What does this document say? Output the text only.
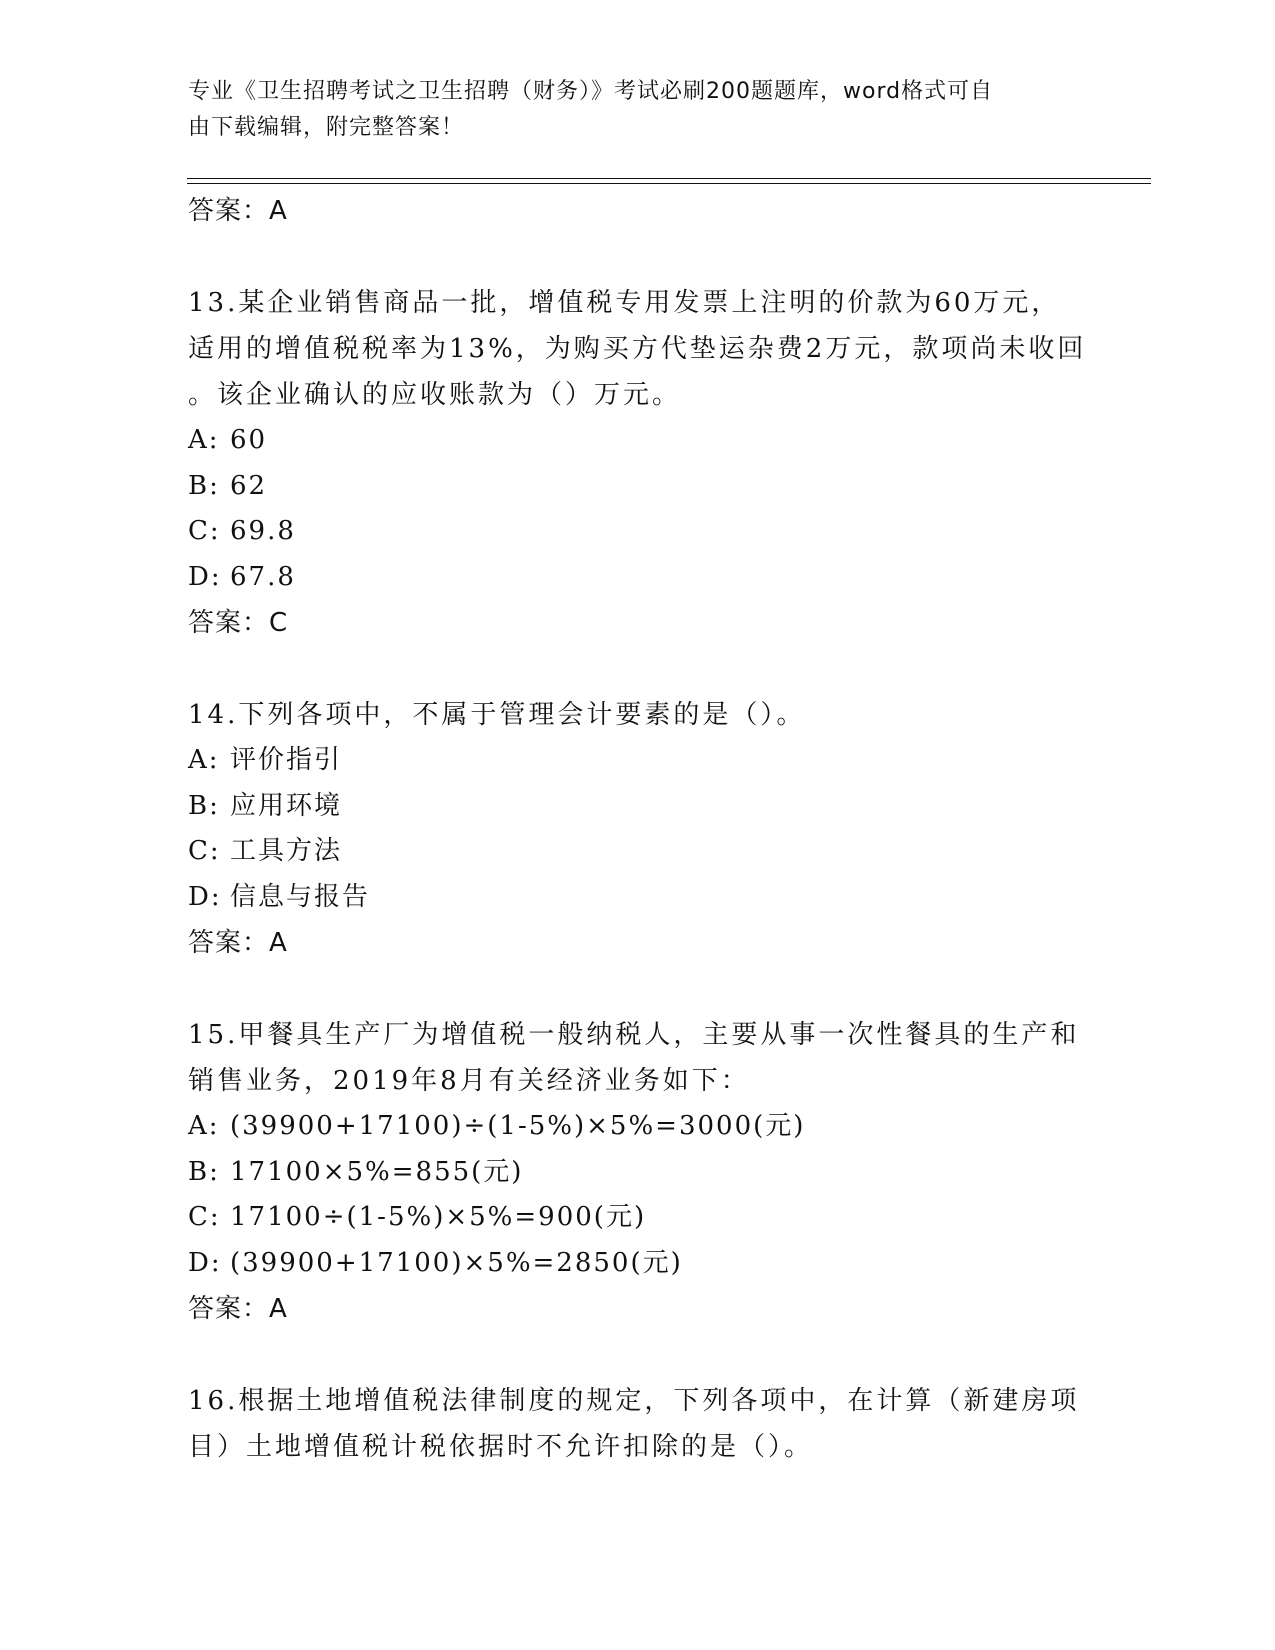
专业《卫生招聘考试之卫生招聘（财务）》考试必刷200题题库，word格式可自
由下载编辑，附完整答案！
答案：A
13.某企业销售商品一批，增值税专用发票上注明的价款为60万元，
适用的增值税税率为13%，为购买方代垫运杂费2万元，款项尚未收回
。该企业确认的应收账款为（）万元。
A: 60
B: 62
C: 69.8
D: 67.8
答案：C
14.下列各项中，不属于管理会计要素的是（）。
A: 评价指引
B: 应用环境
C: 工具方法
D: 信息与报告
答案：A
15.甲餐具生产厂为增值税一般纳税人，主要从事一次性餐具的生产和
销售业务，2019年8月有关经济业务如下：
A: (39900+17100)÷(1-5%)×5%=3000(元)
B: 17100×5%=855(元)
C: 17100÷(1-5%)×5%=900(元)
D: (39900+17100)×5%=2850(元)
答案：A
16.根据土地增值税法律制度的规定，下列各项中，在计算（新建房项
目）土地增值税计税依据时不允许扣除的是（）。
